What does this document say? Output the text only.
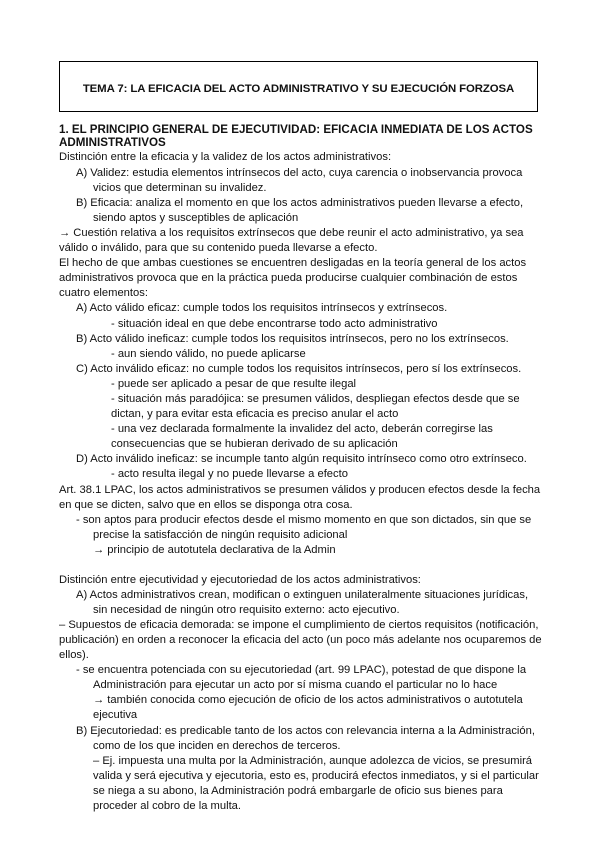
TEMA 7: LA EFICACIA DEL ACTO ADMINISTRATIVO Y SU EJECUCIÓN FORZOSA
1. EL PRINCIPIO GENERAL DE EJECUTIVIDAD: EFICACIA INMEDIATA DE LOS ACTOS
ADMINISTRATIVOS
Distinción entre la eficacia y la validez de los actos administrativos:
A) Validez: estudia elementos intrínsecos del acto, cuya carencia o inobservancia provoca
vicios que determinan su invalidez.
B) Eficacia: analiza el momento en que los actos administrativos pueden llevarse a efecto,
siendo aptos y susceptibles de aplicación
→ Cuestión relativa a los requisitos extrínsecos que debe reunir el acto administrativo, ya sea
válido o inválido, para que su contenido pueda llevarse a efecto.
El hecho de que ambas cuestiones se encuentren desligadas en la teoría general de los actos
administrativos provoca que en la práctica pueda producirse cualquier combinación de estos
cuatro elementos:
A) Acto válido eficaz: cumple todos los requisitos intrínsecos y extrínsecos.
- situación ideal en que debe encontrarse todo acto administrativo
B) Acto válido ineficaz: cumple todos los requisitos intrínsecos, pero no los extrínsecos.
- aun siendo válido, no puede aplicarse
C) Acto inválido eficaz: no cumple todos los requisitos intrínsecos, pero sí los extrínsecos.
- puede ser aplicado a pesar de que resulte ilegal
- situación más paradójica: se presumen válidos, despliegan efectos desde que se
dictan, y para evitar esta eficacia es preciso anular el acto
- una vez declarada formalmente la invalidez del acto, deberán corregirse las
consecuencias que se hubieran derivado de su aplicación
D) Acto inválido ineficaz: se incumple tanto algún requisito intrínseco como otro extrínseco.
- acto resulta ilegal y no puede llevarse a efecto
Art. 38.1 LPAC, los actos administrativos se presumen válidos y producen efectos desde la fecha
en que se dicten, salvo que en ellos se disponga otra cosa.
- son aptos para producir efectos desde el mismo momento en que son dictados, sin que se
precise la satisfacción de ningún requisito adicional
→ principio de autotutela declarativa de la Admin
Distinción entre ejecutividad y ejecutoriedad de los actos administrativos:
A) Actos administrativos crean, modifican o extinguen unilateralmente situaciones jurídicas,
sin necesidad de ningún otro requisito externo: acto ejecutivo.
– Supuestos de eficacia demorada: se impone el cumplimiento de ciertos requisitos (notificación,
publicación) en orden a reconocer la eficacia del acto (un poco más adelante nos ocuparemos de
ellos).
- se encuentra potenciada con su ejecutoriedad (art. 99 LPAC), potestad de que dispone la
Administración para ejecutar un acto por sí misma cuando el particular no lo hace
→ también conocida como ejecución de oficio de los actos administrativos o autotutela
ejecutiva
B) Ejecutoriedad: es predicable tanto de los actos con relevancia interna a la Administración,
como de los que inciden en derechos de terceros.
– Ej. impuesta una multa por la Administración, aunque adolezca de vicios, se presumirá
valida y será ejecutiva y ejecutoria, esto es, producirá efectos inmediatos, y si el particular
se niega a su abono, la Administración podrá embargarle de oficio sus bienes para
proceder al cobro de la multa.
